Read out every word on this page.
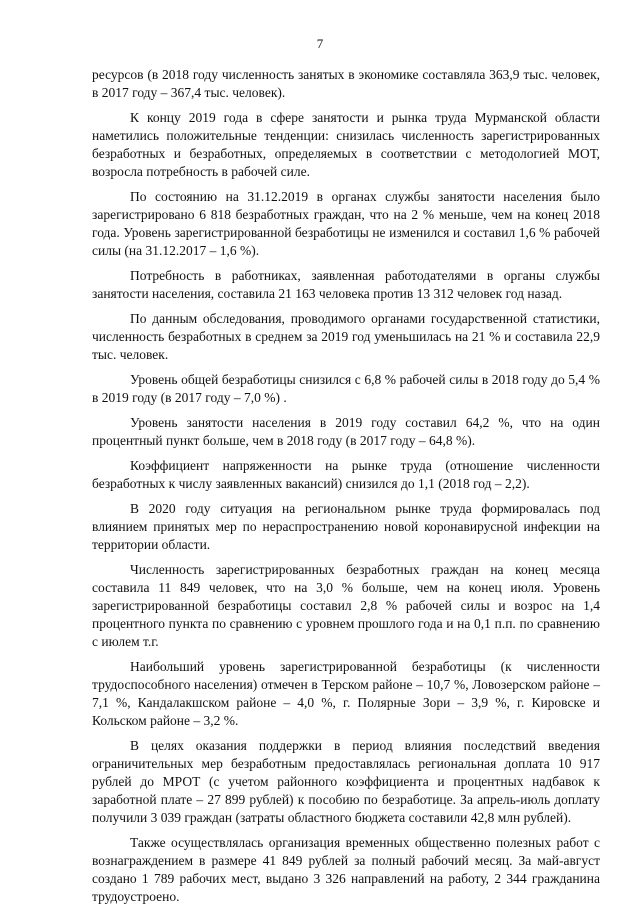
7

ресурсов (в 2018 году численность занятых в экономике составляла 363,9 тыс. человек, в 2017 году – 367,4 тыс. человек).

К концу 2019 года в сфере занятости и рынка труда Мурманской области наметились положительные тенденции: снизилась численность зарегистрированных безработных и безработных, определяемых в соответствии с методологией МОТ, возросла потребность в рабочей силе.

По состоянию на 31.12.2019 в органах службы занятости населения было зарегистрировано 6 818 безработных граждан, что на 2 % меньше, чем на конец 2018 года. Уровень зарегистрированной безработицы не изменился и составил 1,6 % рабочей силы (на 31.12.2017 – 1,6 %).

Потребность в работниках, заявленная работодателями в органы службы занятости населения, составила 21 163 человека против 13 312 человек год назад.

По данным обследования, проводимого органами государственной статистики, численность безработных в среднем за 2019 год уменьшилась на 21 % и составила 22,9 тыс. человек.

Уровень общей безработицы снизился с 6,8 % рабочей силы в 2018 году до 5,4 % в 2019 году (в 2017 году – 7,0 %) .

Уровень занятости населения в 2019 году составил 64,2 %, что на один процентный пункт больше, чем в 2018 году (в 2017 году – 64,8 %).

Коэффициент напряженности на рынке труда (отношение численности безработных к числу заявленных вакансий) снизился до 1,1 (2018 год – 2,2).

В 2020 году ситуация на региональном рынке труда формировалась под влиянием принятых мер по нераспространению новой коронавирусной инфекции на территории области.

Численность зарегистрированных безработных граждан на конец месяца составила 11 849 человек, что на 3,0 % больше, чем на конец июля. Уровень зарегистрированной безработицы составил 2,8 % рабочей силы и возрос на 1,4 процентного пункта по сравнению с уровнем прошлого года и на 0,1 п.п. по сравнению с июлем т.г.

Наибольший уровень зарегистрированной безработицы (к численности трудоспособного населения) отмечен в Терском районе – 10,7 %, Ловозерском районе – 7,1 %, Кандалакшском районе – 4,0 %, г. Полярные Зори – 3,9 %, г. Кировске и Кольском районе – 3,2 %.

В целях оказания поддержки в период влияния последствий введения ограничительных мер безработным предоставлялась региональная доплата 10 917 рублей до МРОТ (с учетом районного коэффициента и процентных надбавок к заработной плате – 27 899 рублей) к пособию по безработице. За апрель-июль доплату получили 3 039 граждан (затраты областного бюджета составили 42,8 млн рублей).

Также осуществлялась организация временных общественно полезных работ с вознаграждением в размере 41 849 рублей за полный рабочий месяц. За май-август создано 1 789 рабочих мест, выдано 3 326 направлений на работу, 2 344 гражданина трудоустроено.
